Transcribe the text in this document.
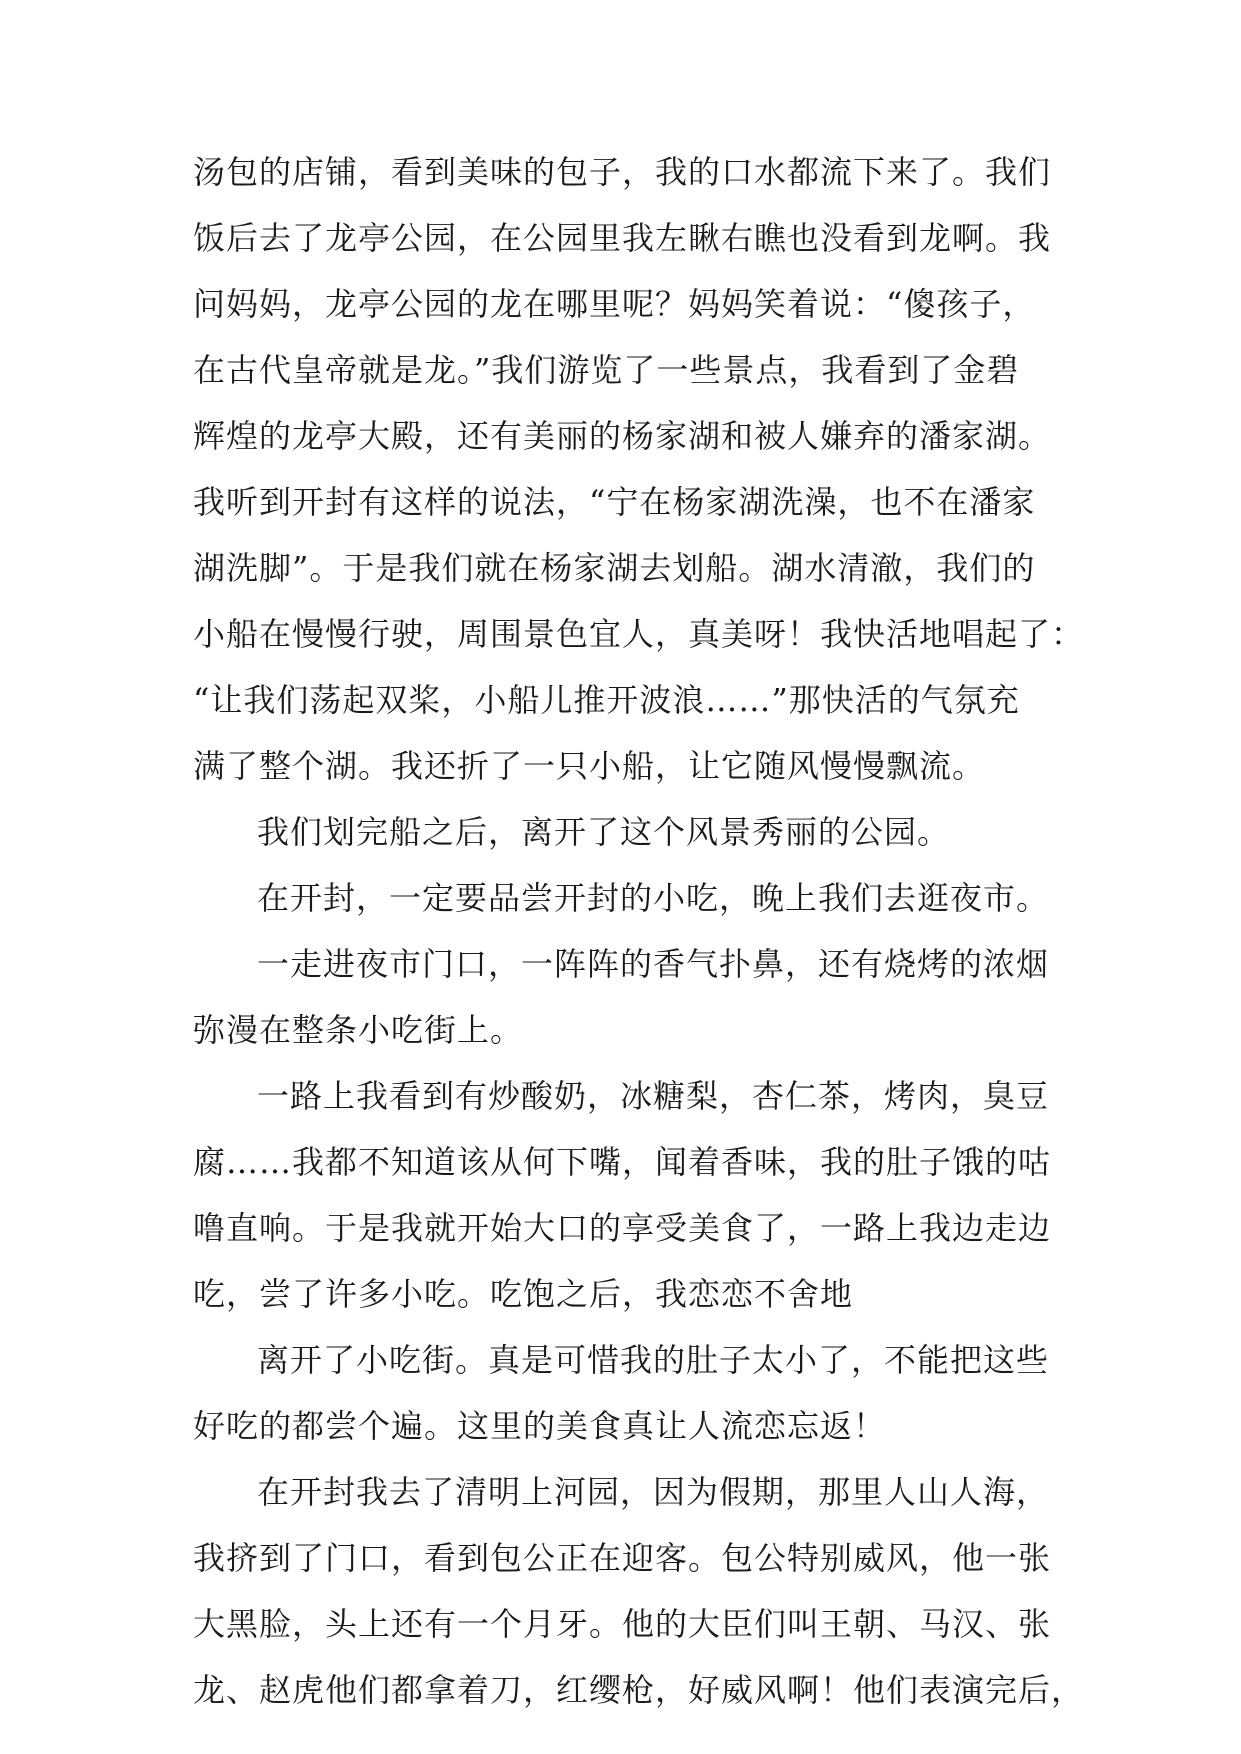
汤包的店铺，看到美味的包子，我的口水都流下来了。我们
饭后去了龙亭公园，在公园里我左瞅右瞧也没看到龙啊。我
问妈妈，龙亭公园的龙在哪里呢？妈妈笑着说：“傻孩子，
在古代皇帝就是龙。”我们游览了一些景点，我看到了金碧
辉煌的龙亭大殿，还有美丽的杨家湖和被人嫌弃的潘家湖。
我听到开封有这样的说法，“宁在杨家湖洗澡，也不在潘家
湖洗脚”。于是我们就在杨家湖去划船。湖水清澈，我们的
小船在慢慢行驶，周围景色宜人，真美呀！我快活地唱起了：
“让我们荡起双桨，小船儿推开波浪……”那快活的气氛充
满了整个湖。我还折了一只小船，让它随风慢慢飘流。
我们划完船之后，离开了这个风景秀丽的公园。
在开封，一定要品尝开封的小吃，晚上我们去逛夜市。
一走进夜市门口，一阵阵的香气扑鼻，还有烧烤的浓烟
弥漫在整条小吃街上。
一路上我看到有炒酸奶，冰糖梨，杏仁茶，烤肉，臭豆
腐……我都不知道该从何下嘴，闻着香味，我的肚子饿的咕
噜直响。于是我就开始大口的享受美食了，一路上我边走边
吃，尝了许多小吃。吃饱之后，我恋恋不舍地
离开了小吃街。真是可惜我的肚子太小了，不能把这些
好吃的都尝个遍。这里的美食真让人流恋忘返！
在开封我去了清明上河园，因为假期，那里人山人海，
我挤到了门口，看到包公正在迎客。包公特别威风，他一张
大黑脸，头上还有一个月牙。他的大臣们叫王朝、马汉、张
龙、赵虎他们都拿着刀，红缨枪，好威风啊！他们表演完后，
